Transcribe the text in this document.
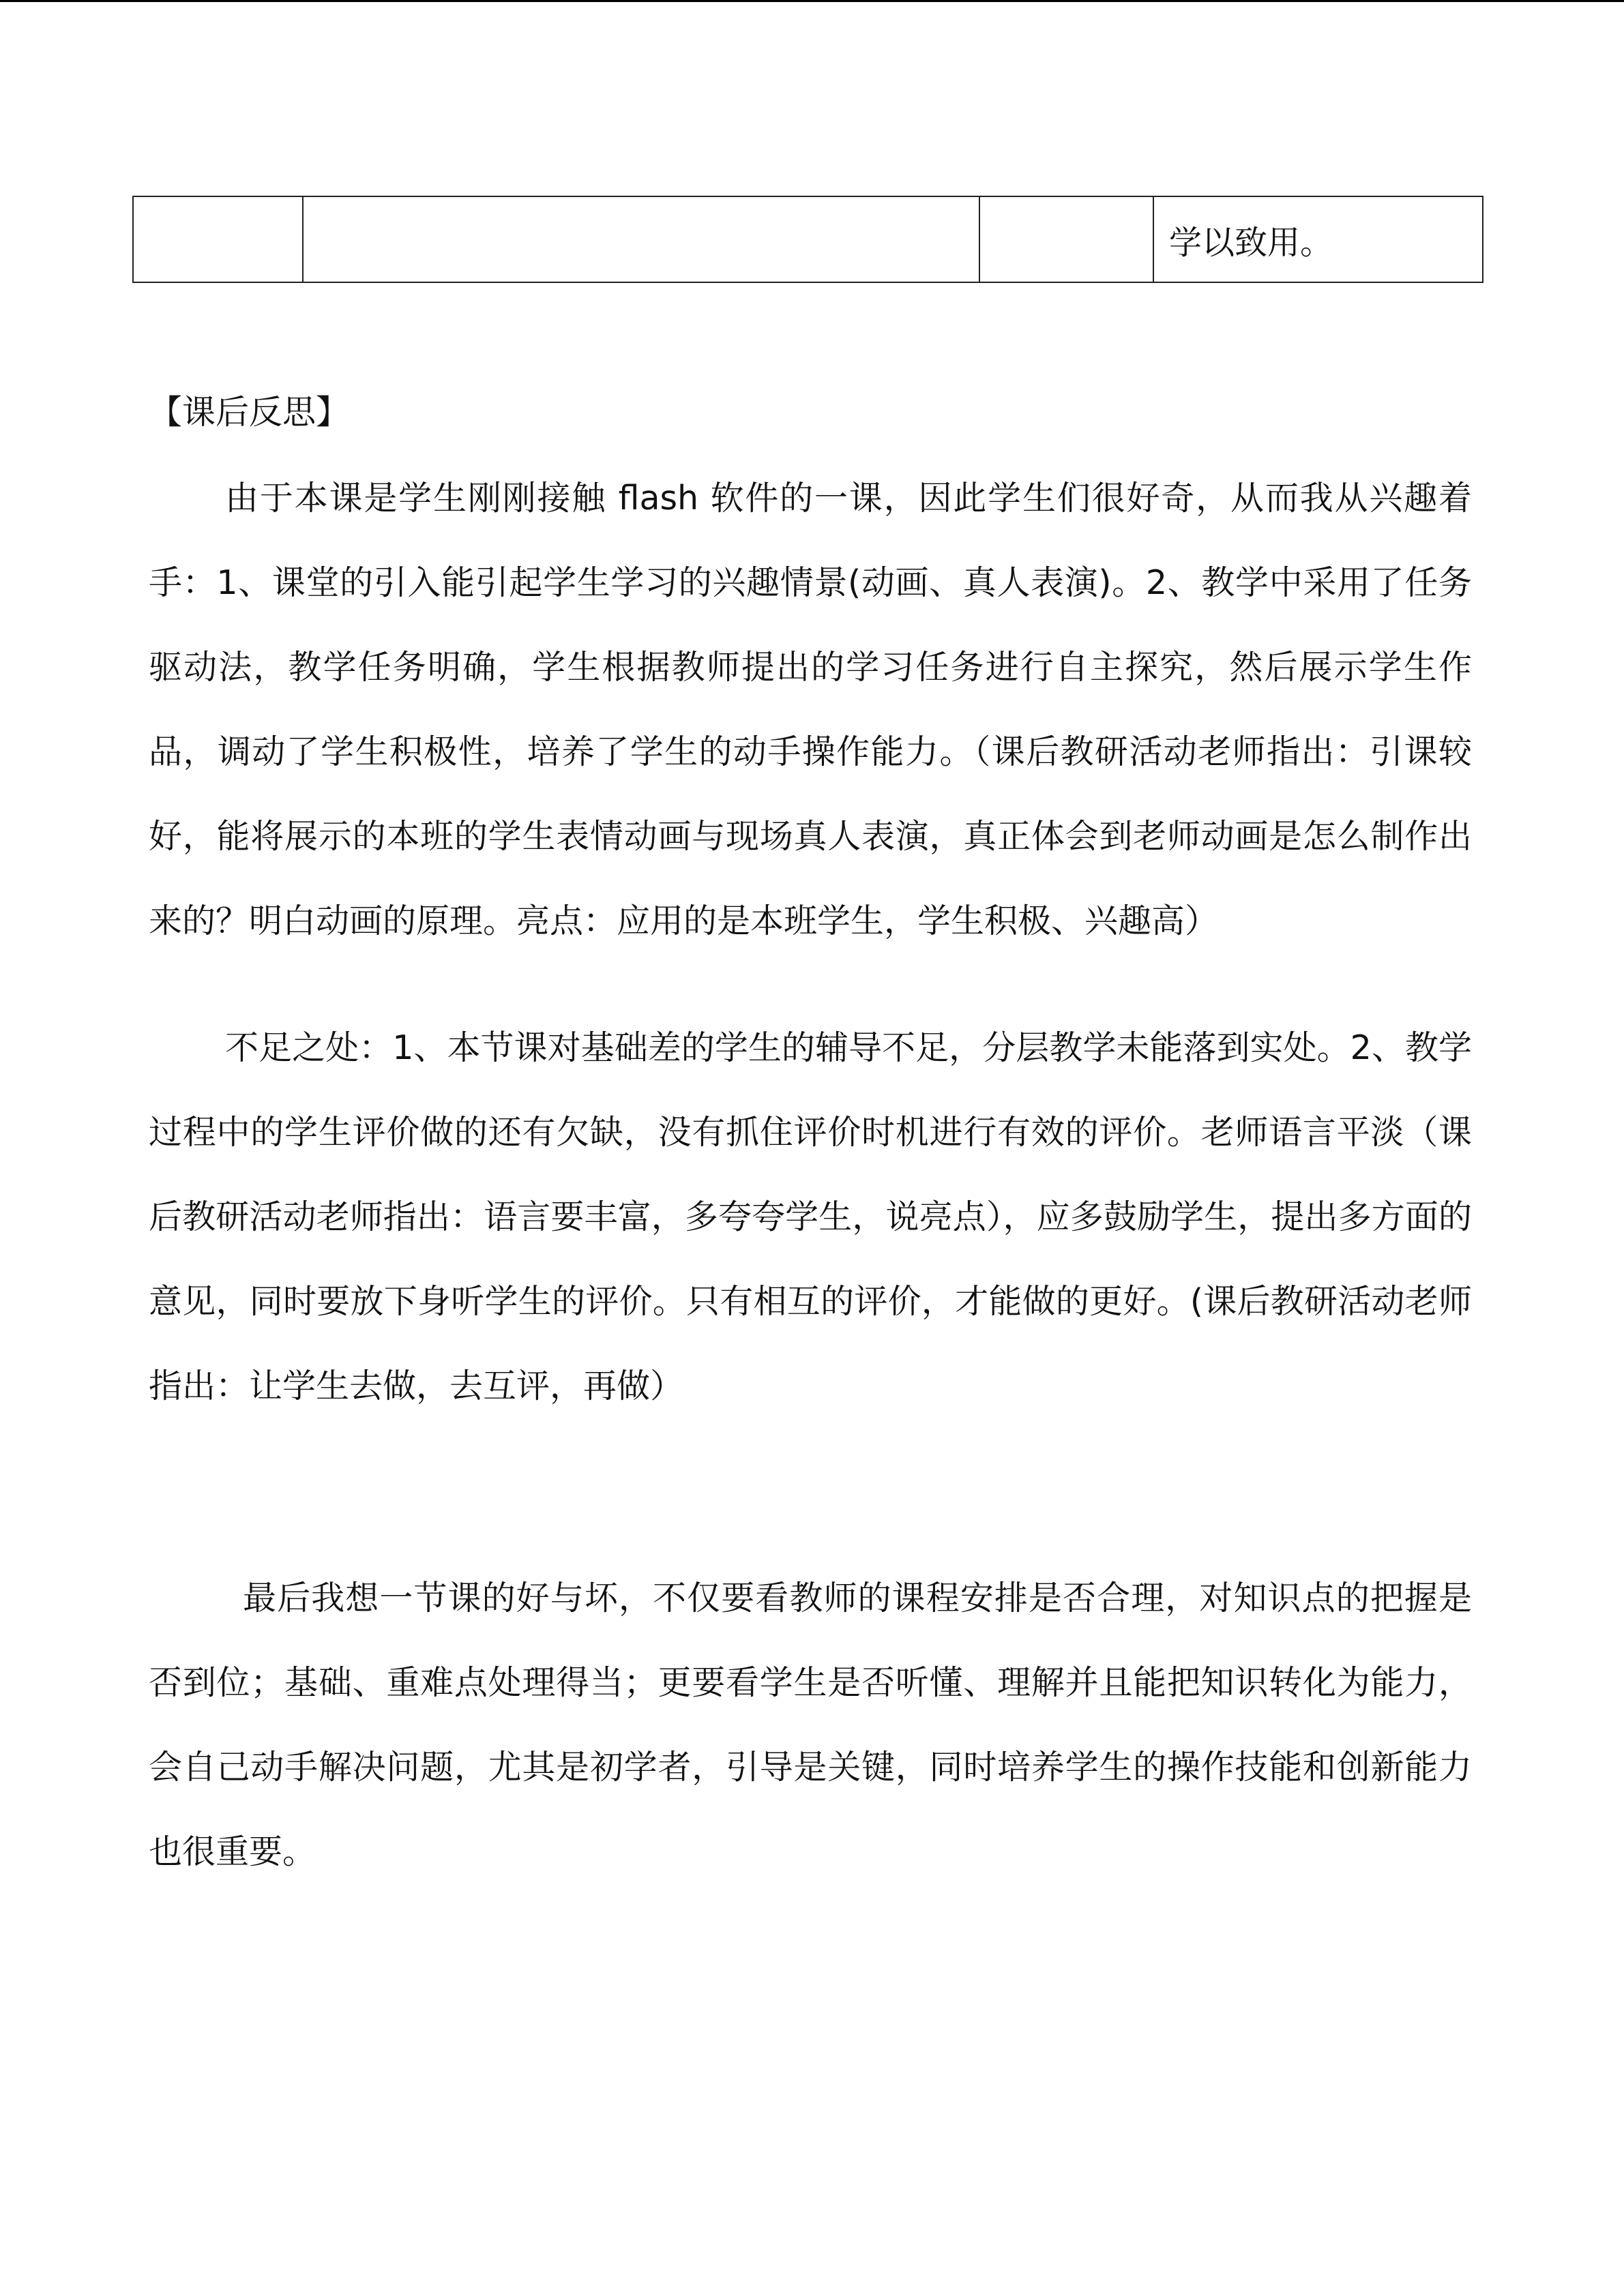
			学以致用。
【课后反思】

由于本课是学生刚刚接触 flash 软件的一课，因此学生们很好奇，从而我从兴趣着手：1、课堂的引入能引起学生学习的兴趣情景(动画、真人表演)。2、教学中采用了任务驱动法，教学任务明确，学生根据教师提出的学习任务进行自主探究，然后展示学生作品，调动了学生积极性，培养了学生的动手操作能力。（课后教研活动老师指出：引课较好，能将展示的本班的学生表情动画与现场真人表演，真正体会到老师动画是怎么制作出来的？明白动画的原理。亮点：应用的是本班学生，学生积极、兴趣高）

不足之处：1、本节课对基础差的学生的辅导不足，分层教学未能落到实处。2、教学过程中的学生评价做的还有欠缺，没有抓住评价时机进行有效的评价。老师语言平淡（课后教研活动老师指出：语言要丰富，多夸夸学生，说亮点），应多鼓励学生，提出多方面的意见，同时要放下身听学生的评价。只有相互的评价，才能做的更好。(课后教研活动老师指出：让学生去做，去互评，再做）

最后我想一节课的好与坏，不仅要看教师的课程安排是否合理，对知识点的把握是否到位；基础、重难点处理得当；更要看学生是否听懂、理解并且能把知识转化为能力，会自己动手解决问题，尤其是初学者，引导是关键，同时培养学生的操作技能和创新能力也很重要。
